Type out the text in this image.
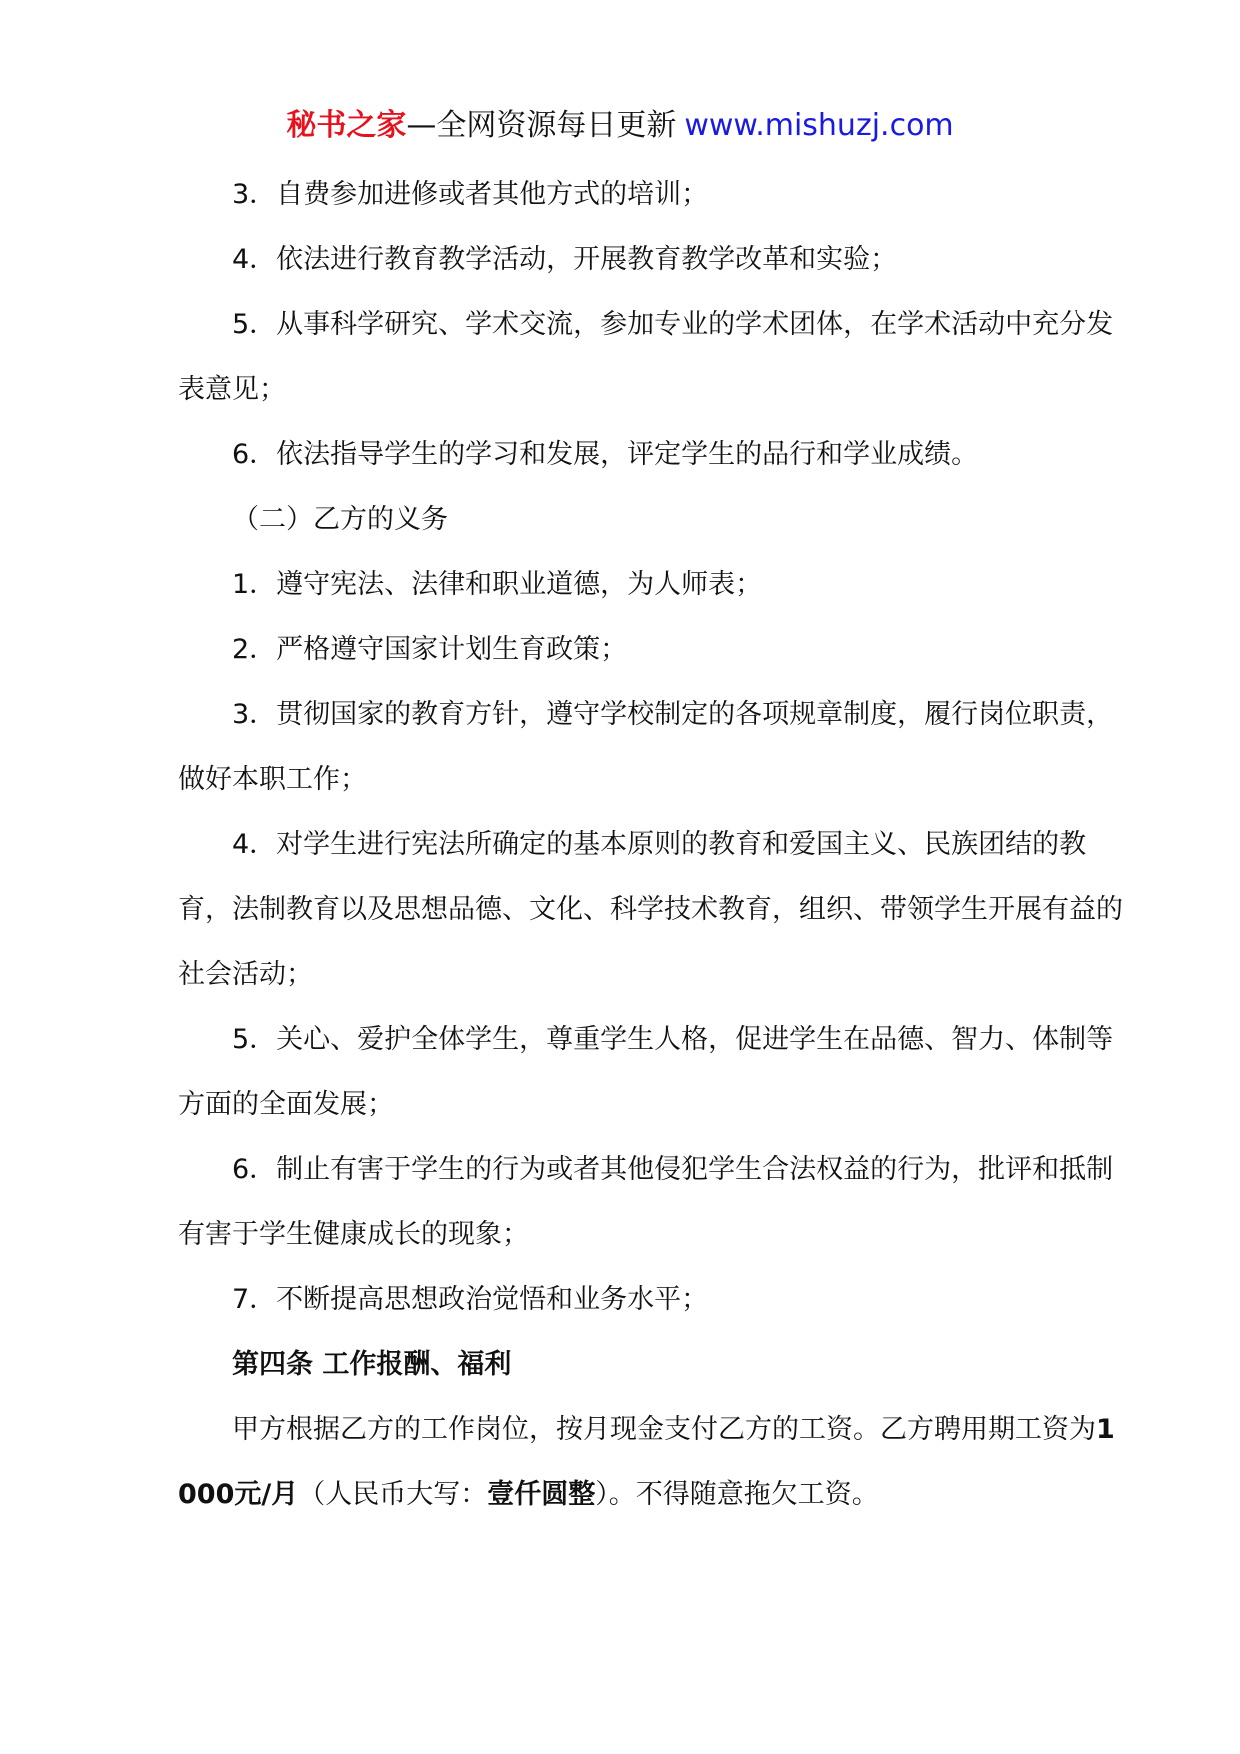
秘书之家—全网资源每日更新 www.mishuzj.com

3．自费参加进修或者其他方式的培训；

4．依法进行教育教学活动，开展教育教学改革和实验；

5．从事科学研究、学术交流，参加专业的学术团体，在学术活动中充分发表意见；

6．依法指导学生的学习和发展，评定学生的品行和学业成绩。

（二）乙方的义务

1．遵守宪法、法律和职业道德，为人师表；

2．严格遵守国家计划生育政策；

3．贯彻国家的教育方针，遵守学校制定的各项规章制度，履行岗位职责，做好本职工作；

4．对学生进行宪法所确定的基本原则的教育和爱国主义、民族团结的教育，法制教育以及思想品德、文化、科学技术教育，组织、带领学生开展有益的社会活动；

5．关心、爱护全体学生，尊重学生人格，促进学生在品德、智力、体制等方面的全面发展；

6．制止有害于学生的行为或者其他侵犯学生合法权益的行为，批评和抵制有害于学生健康成长的现象；

7．不断提高思想政治觉悟和业务水平；

第四条 工作报酬、福利

甲方根据乙方的工作岗位，按月现金支付乙方的工资。乙方聘用期工资为1000元/月（人民币大写：壹仟圆整）。不得随意拖欠工资。
